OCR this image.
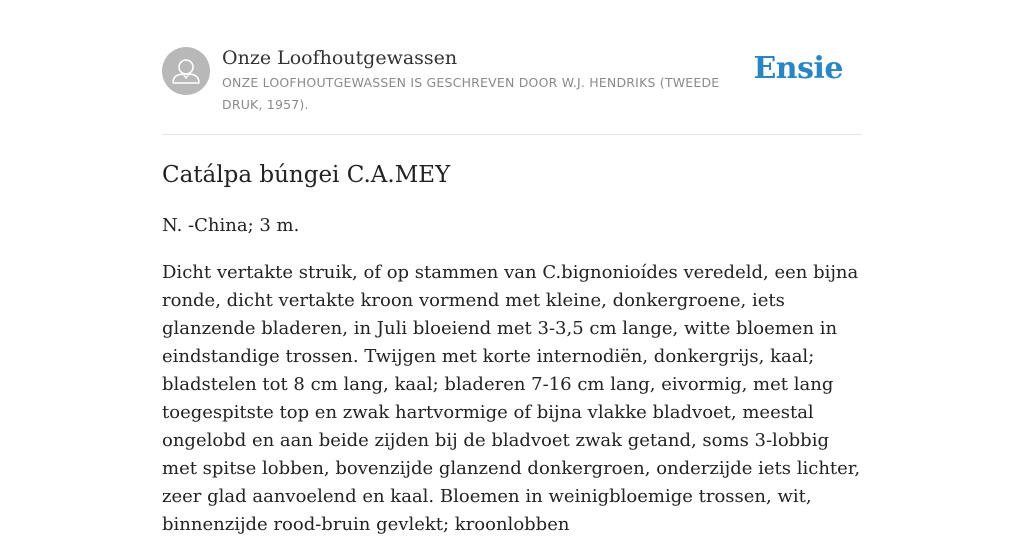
Onze Loofhoutgewassen
ONZE LOOFHOUTGEWASSEN IS GESCHREVEN DOOR W.J. HENDRIKS (TWEEDE DRUK, 1957).
Ensie
Catálpa búngei C.A.MEY

N. -China; 3 m.

Dicht vertakte struik, of op stammen van C.bignonioídes veredeld, een bijna ronde, dicht vertakte kroon vormend met kleine, donkergroene, iets glanzende bladeren, in Juli bloeiend met 3-3,5 cm lange, witte bloemen in eindstandige trossen. Twijgen met korte internodiën, donkergrijs, kaal; bladstelen tot 8 cm lang, kaal; bladeren 7-16 cm lang, eivormig, met lang toegespitste top en zwak hartvormige of bijna vlakke bladvoet, meestal ongelobd en aan beide zijden bij de bladvoet zwak getand, soms 3-lobbig met spitse lobben, bovenzijde glanzend donkergroen, onderzijde iets lichter, zeer glad aanvoelend en kaal. Bloemen in weinigbloemige trossen, wit, binnenzijde rood-bruin gevlekt; kroonlobben
